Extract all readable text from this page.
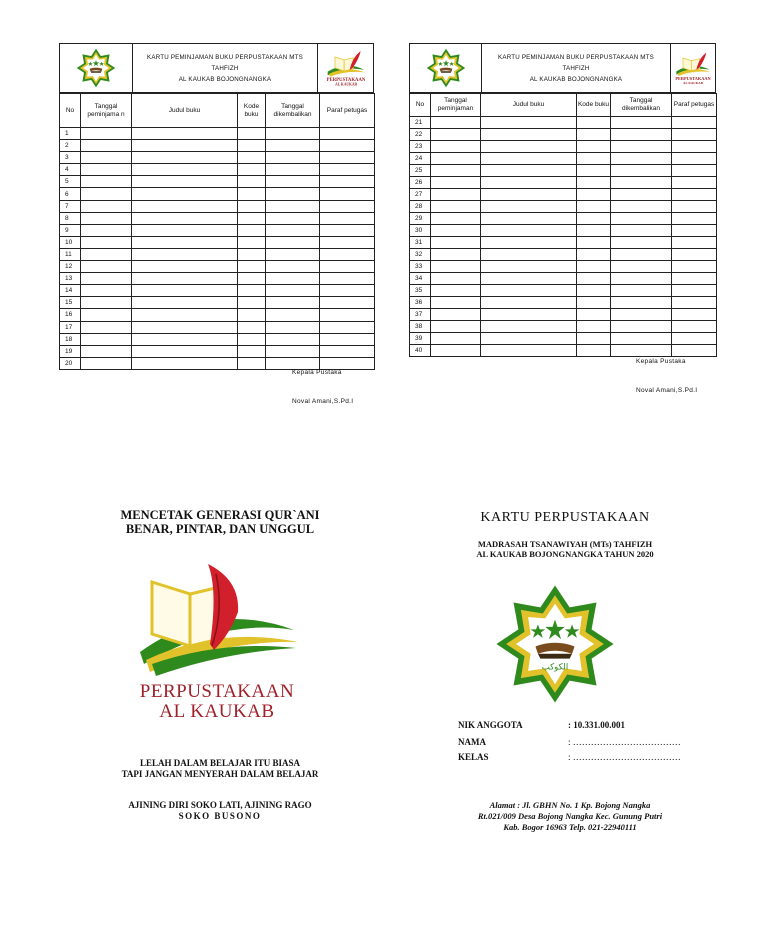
KARTU PEMINJAMAN BUKU PERPUSTAKAAN MTS TAHFIZH
AL KAUKAB BOJONGNANGKA	PERPUSTAKAAN
AL KAUKAB
No	Tanggal peminjama n	Judul buku	Kode buku	Tanggal dikembalikan	Paraf petugas
1					
2					
3					
4					
5					
6					
7					
8					
9					
10					
11					
12					
13					
14					
15					
16					
17					
18					
19					
20					
Kepala Pustaka
Noval Amani,S.Pd.I
KARTU PEMINJAMAN BUKU PERPUSTAKAAN MTS TAHFIZH
AL KAUKAB BOJONGNANGKA	PERPUSTAKAAN
AL KAUKAB
No	Tanggal peminjaman	Judul buku	Kode buku	Tanggal dikembalikan	Paraf petugas
21					
22					
23					
24					
25					
26					
27					
28					
29					
30					
31					
32					
33					
34					
35					
36					
37					
38					
39					
40					
Kepala Pustaka
Noval Amani,S.Pd.I
MENCETAK GENERASI QUR`ANI
BENAR, PINTAR, DAN UNGGUL
PERPUSTAKAAN
AL KAUKAB
LELAH DALAM BELAJAR ITU BIASA
TAPI JANGAN MENYERAH DALAM BELAJAR
AJINING DIRI SOKO LATI, AJINING RAGO
SOKO BUSONO
KARTU PERPUSTAKAAN
MADRASAH TSANAWIYAH (MTs) TAHFIZH
AL KAUKAB BOJONGNANGKA TAHUN 2020
الكوكب
NIK ANGGOTA	: 10.331.00.001
NAMA	: ………………………………
KELAS	: ………………………………
Alamat : Jl. GBHN No. 1 Kp. Bojong Nangka
Rt.021/009 Desa Bojong Nangka Kec. Gunung Putri
Kab. Bogor 16963 Telp. 021-22940111
